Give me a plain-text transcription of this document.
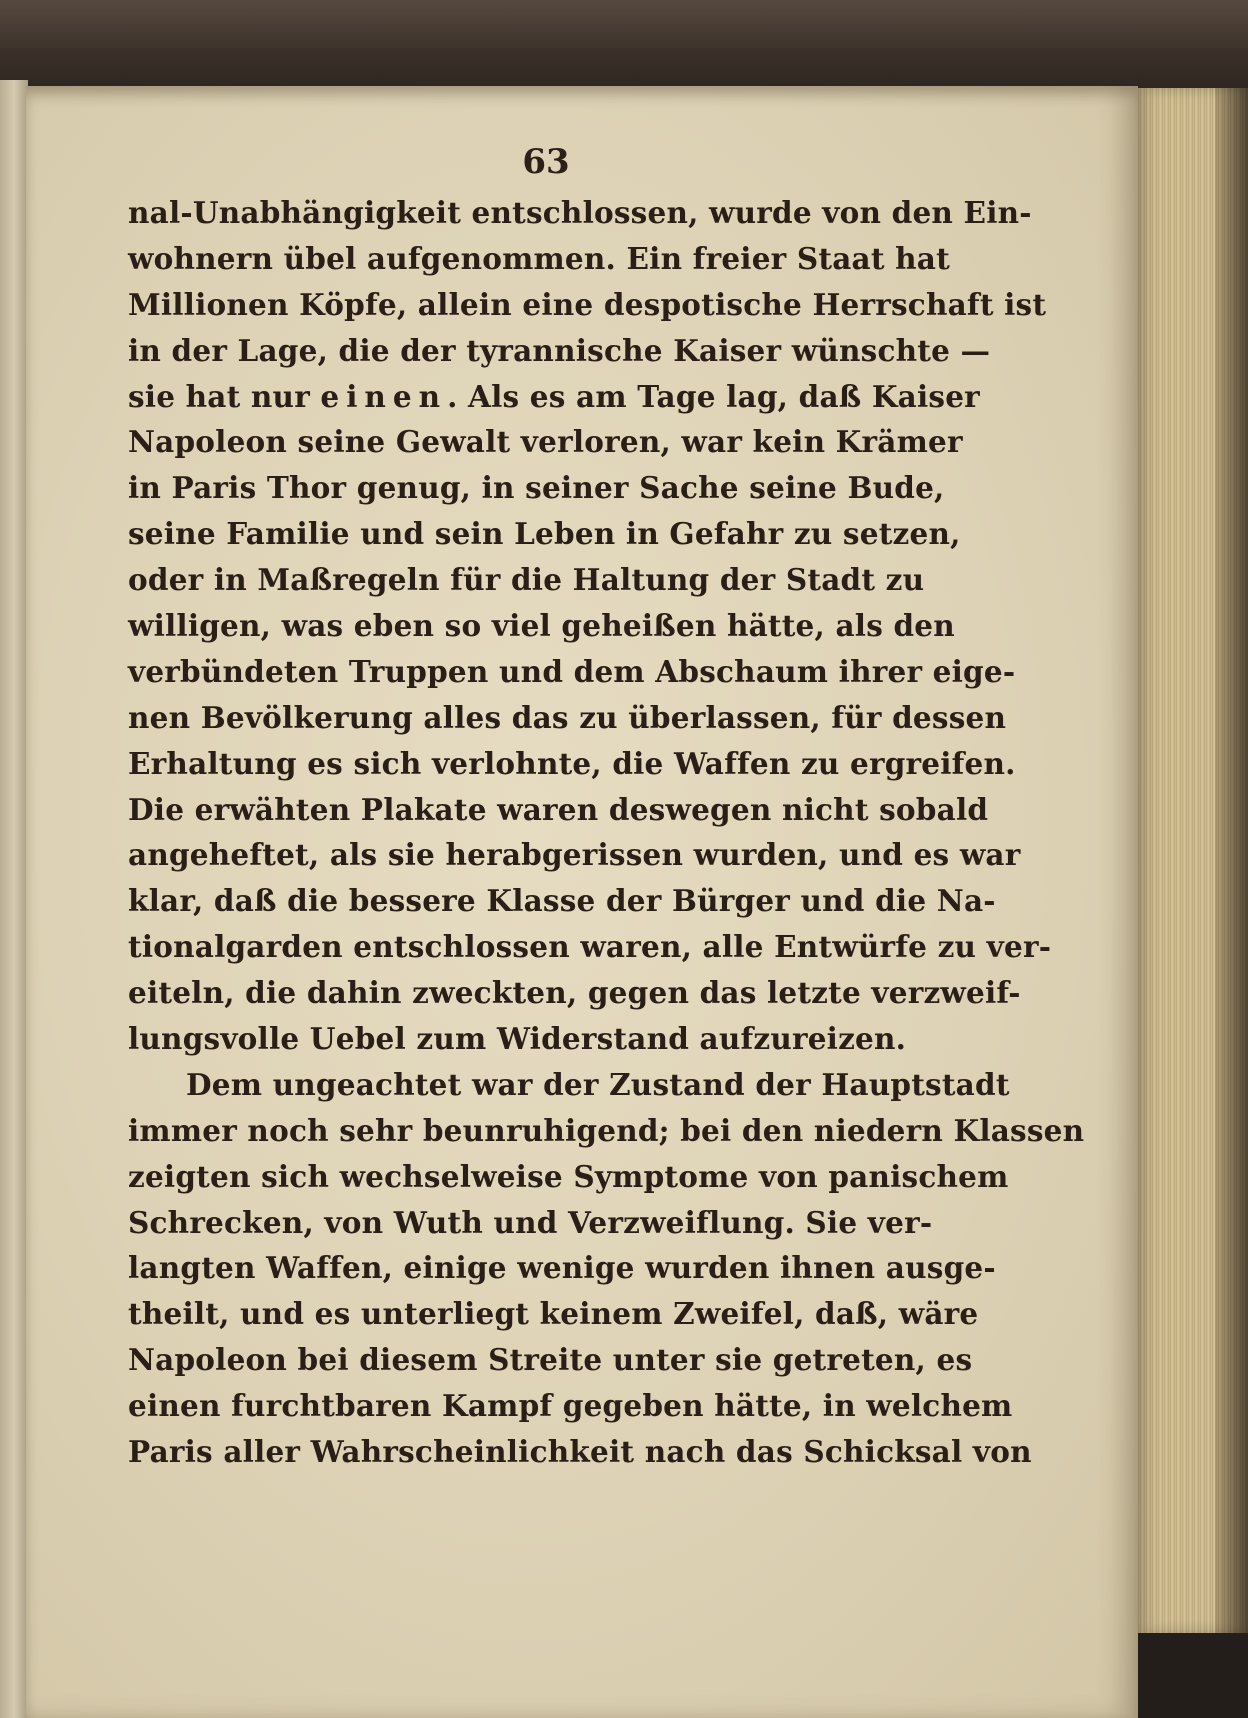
63
nal-Unabhängigkeit entschlossen, wurde von den Ein-
wohnern übel aufgenommen. Ein freier Staat hat
Millionen Köpfe, allein eine despotische Herrschaft ist
in der Lage, die der tyrannische Kaiser wünschte —
sie hat nur einen. Als es am Tage lag, daß Kaiser
Napoleon seine Gewalt verloren, war kein Krämer
in Paris Thor genug, in seiner Sache seine Bude,
seine Familie und sein Leben in Gefahr zu setzen,
oder in Maßregeln für die Haltung der Stadt zu
willigen, was eben so viel geheißen hätte, als den
verbündeten Truppen und dem Abschaum ihrer eige-
nen Bevölkerung alles das zu überlassen, für dessen
Erhaltung es sich verlohnte, die Waffen zu ergreifen.
Die erwähten Plakate waren deswegen nicht sobald
angeheftet, als sie herabgerissen wurden, und es war
klar, daß die bessere Klasse der Bürger und die Na-
tionalgarden entschlossen waren, alle Entwürfe zu ver-
eiteln, die dahin zweckten, gegen das letzte verzweif-
lungsvolle Uebel zum Widerstand aufzureizen.
Dem ungeachtet war der Zustand der Hauptstadt
immer noch sehr beunruhigend; bei den niedern Klassen
zeigten sich wechselweise Symptome von panischem
Schrecken, von Wuth und Verzweiflung. Sie ver-
langten Waffen, einige wenige wurden ihnen ausge-
theilt, und es unterliegt keinem Zweifel, daß, wäre
Napoleon bei diesem Streite unter sie getreten, es
einen furchtbaren Kampf gegeben hätte, in welchem
Paris aller Wahrscheinlichkeit nach das Schicksal von
